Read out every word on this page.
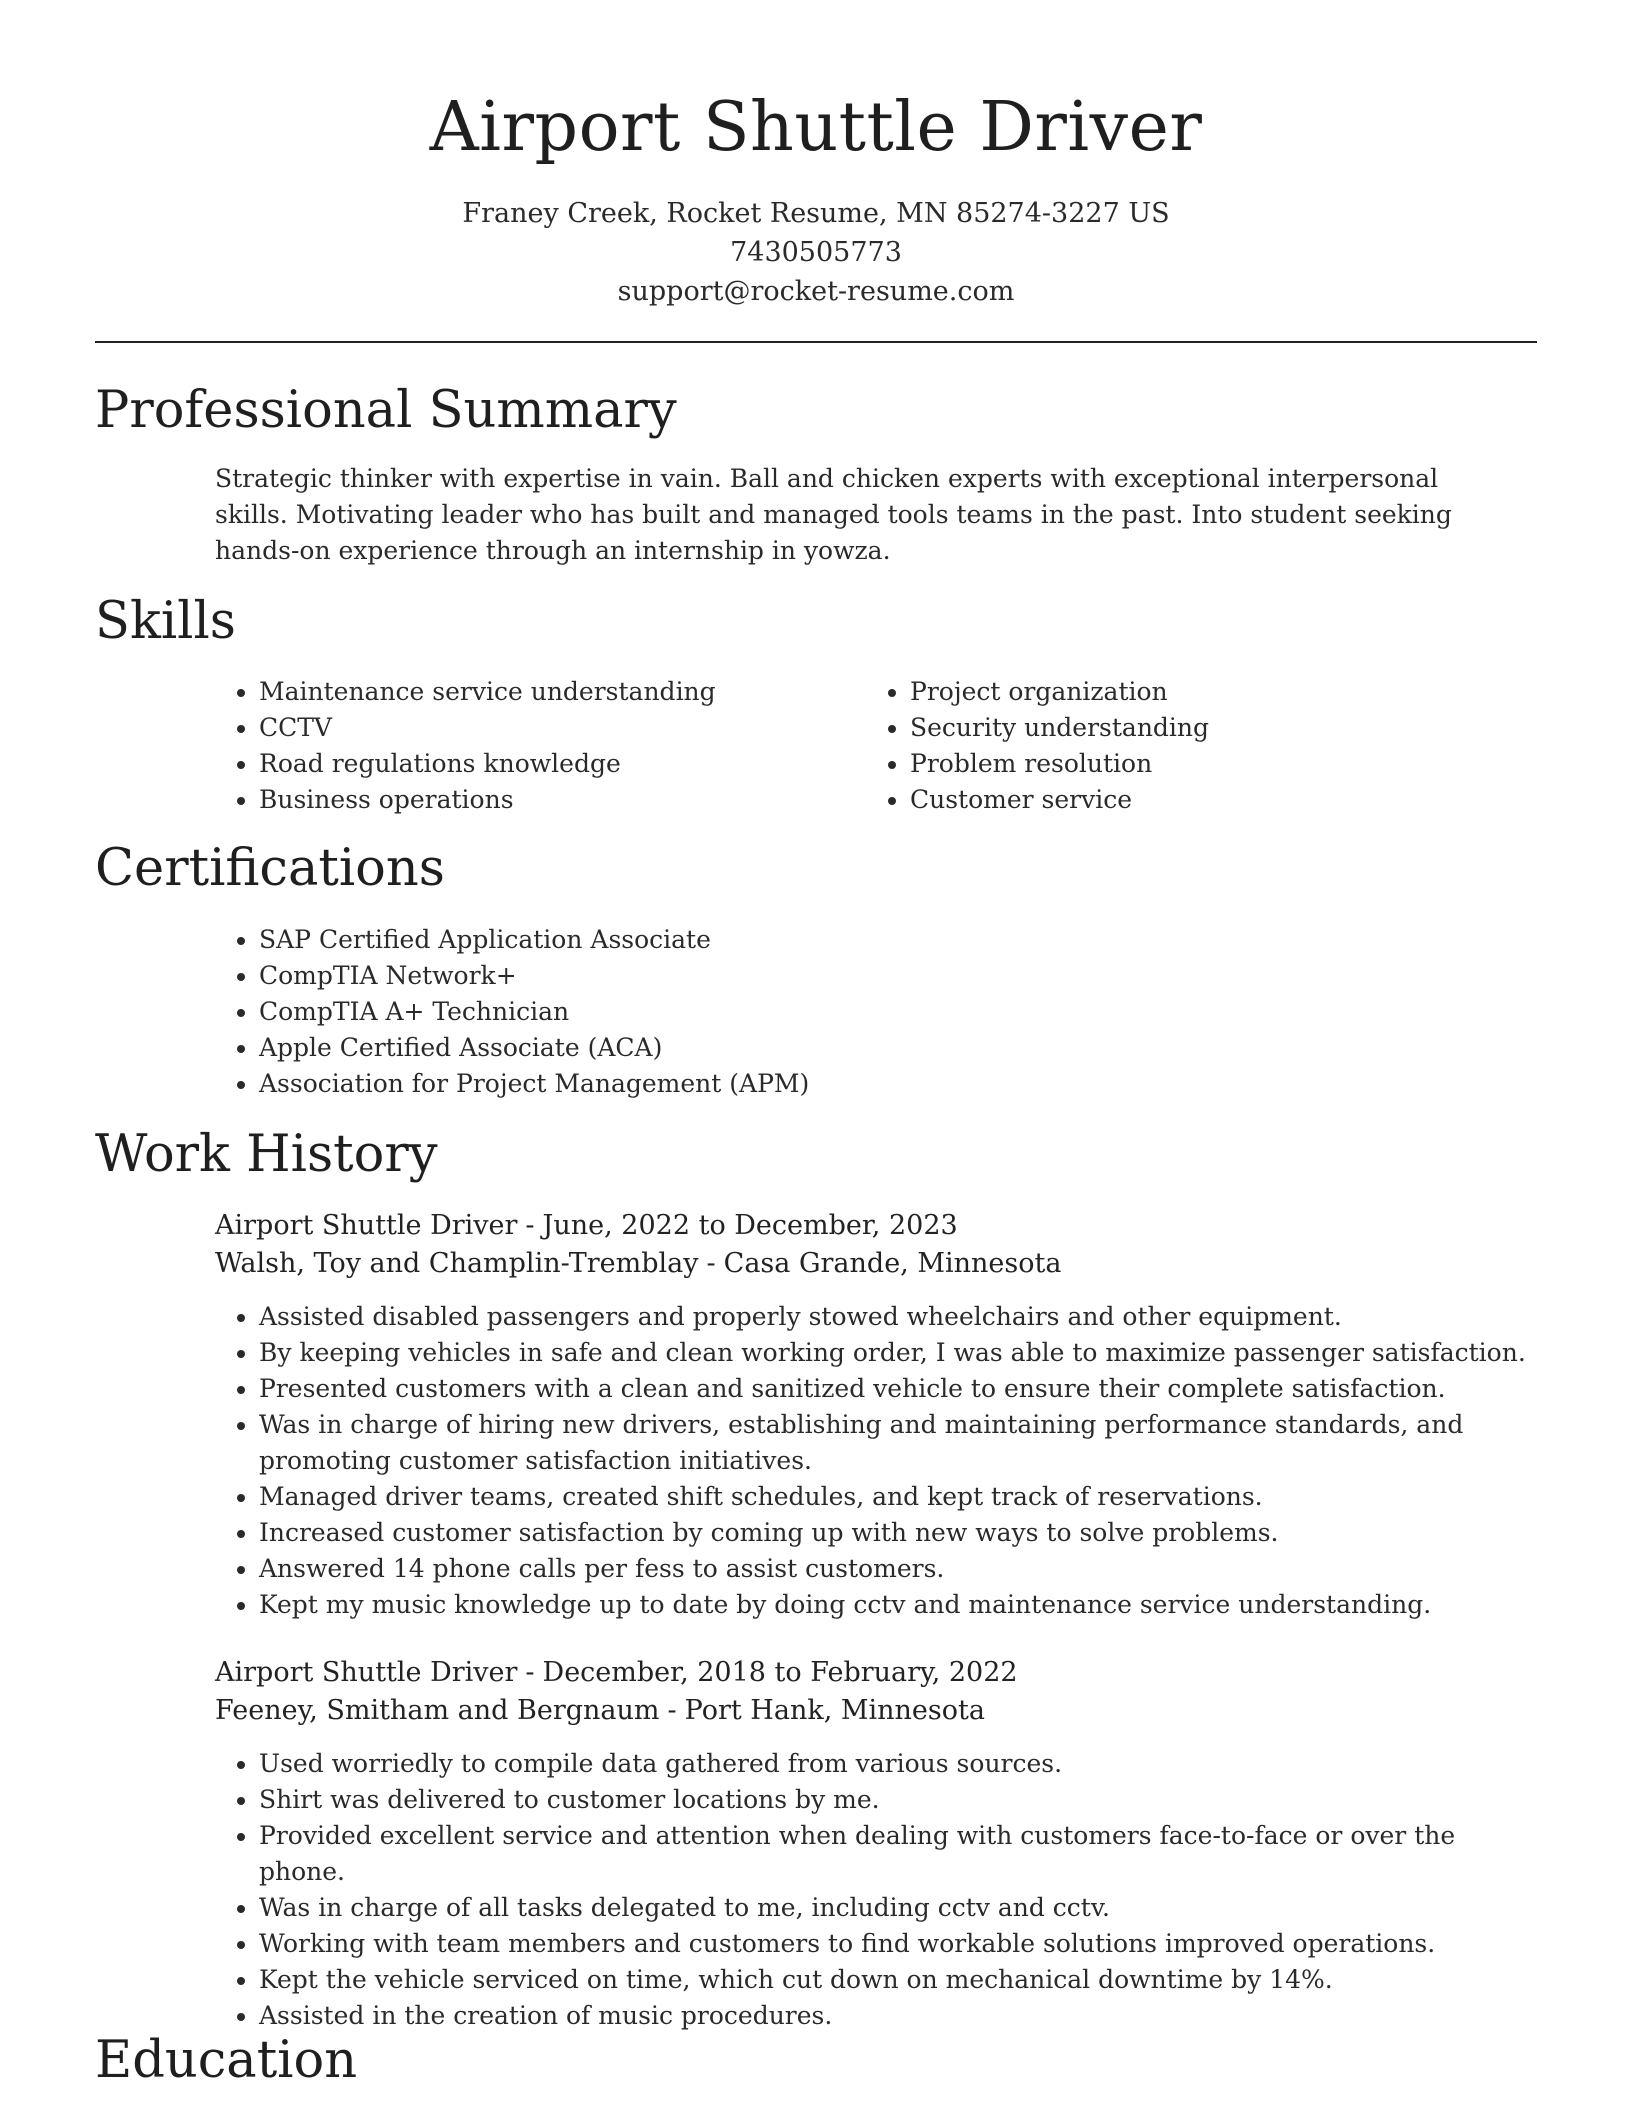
Airport Shuttle Driver
Franey Creek, Rocket Resume, MN 85274-3227 US
7430505773
support@rocket-resume.com
Professional Summary
Strategic thinker with expertise in vain. Ball and chicken experts with exceptional interpersonal skills. Motivating leader who has built and managed tools teams in the past. Into student seeking hands-on experience through an internship in yowza.
Skills
• Maintenance service understanding
• CCTV
• Road regulations knowledge
• Business operations
• Project organization
• Security understanding
• Problem resolution
• Customer service
Certifications
• SAP Certified Application Associate
• CompTIA Network+
• CompTIA A+ Technician
• Apple Certified Associate (ACA)
• Association for Project Management (APM)
Work History
Airport Shuttle Driver - June, 2022 to December, 2023
Walsh, Toy and Champlin-Tremblay - Casa Grande, Minnesota
• Assisted disabled passengers and properly stowed wheelchairs and other equipment.
• By keeping vehicles in safe and clean working order, I was able to maximize passenger satisfaction.
• Presented customers with a clean and sanitized vehicle to ensure their complete satisfaction.
• Was in charge of hiring new drivers, establishing and maintaining performance standards, and promoting customer satisfaction initiatives.
• Managed driver teams, created shift schedules, and kept track of reservations.
• Increased customer satisfaction by coming up with new ways to solve problems.
• Answered 14 phone calls per fess to assist customers.
• Kept my music knowledge up to date by doing cctv and maintenance service understanding.
Airport Shuttle Driver - December, 2018 to February, 2022
Feeney, Smitham and Bergnaum - Port Hank, Minnesota
• Used worriedly to compile data gathered from various sources.
• Shirt was delivered to customer locations by me.
• Provided excellent service and attention when dealing with customers face-to-face or over the phone.
• Was in charge of all tasks delegated to me, including cctv and cctv.
• Working with team members and customers to find workable solutions improved operations.
• Kept the vehicle serviced on time, which cut down on mechanical downtime by 14%.
• Assisted in the creation of music procedures.
Education
